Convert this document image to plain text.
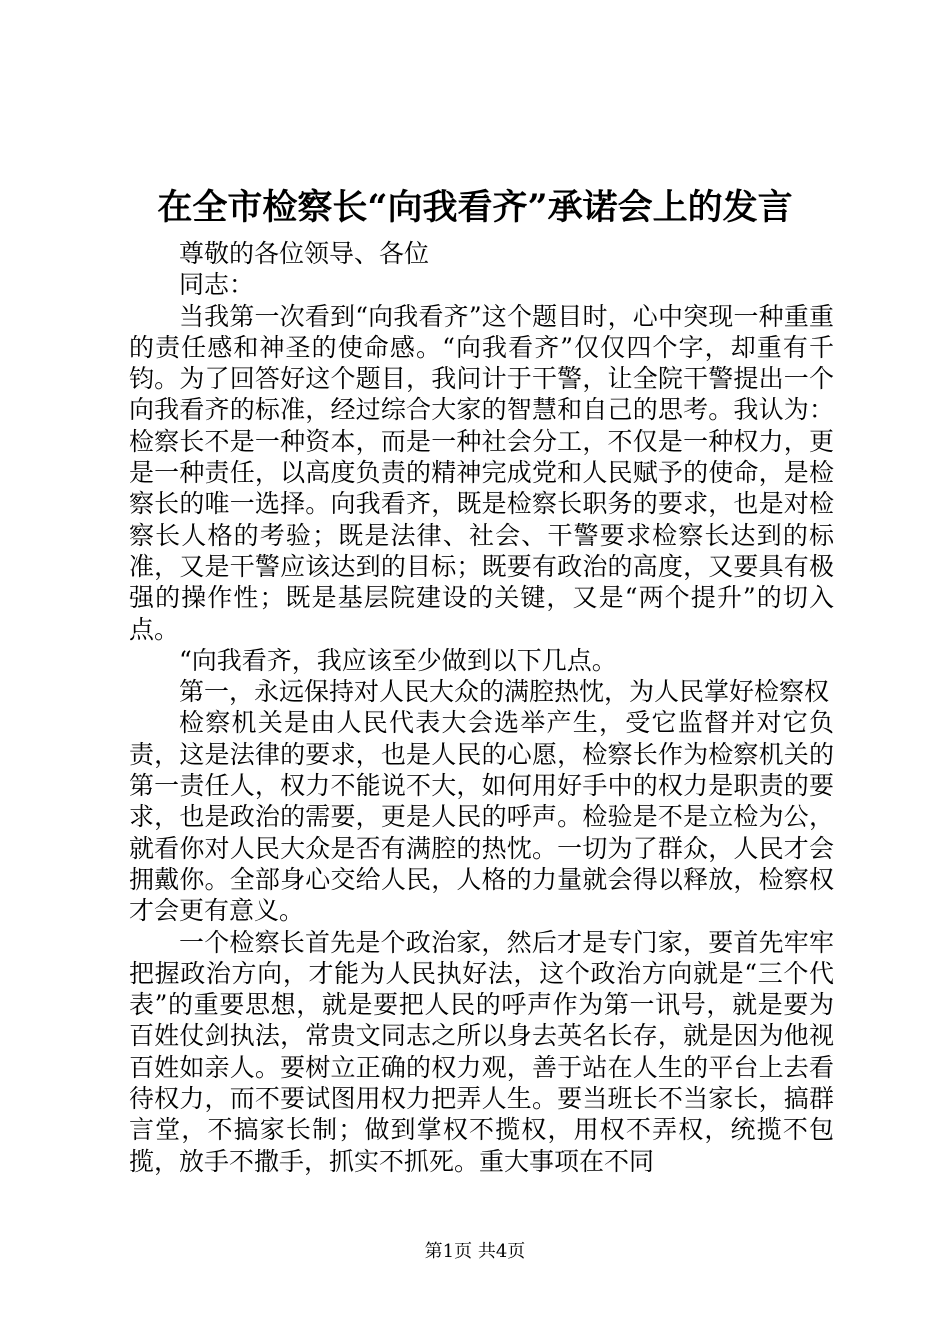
在全市检察长“向我看齐”承诺会上的发言

尊敬的各位领导、各位

同志：

当我第一次看到“向我看齐”这个题目时，心中突现一种重重的责任感和神圣的使命感。“向我看齐”仅仅四个字，却重有千钧。为了回答好这个题目，我问计于干警，让全院干警提出一个向我看齐的标准，经过综合大家的智慧和自己的思考。我认为：检察长不是一种资本，而是一种社会分工，不仅是一种权力，更是一种责任，以高度负责的精神完成党和人民赋予的使命，是检察长的唯一选择。向我看齐，既是检察长职务的要求，也是对检察长人格的考验；既是法律、社会、干警要求检察长达到的标准，又是干警应该达到的目标；既要有政治的高度，又要具有极强的操作性；既是基层院建设的关键，又是“两个提升”的切入点。

“向我看齐，我应该至少做到以下几点。

第一，永远保持对人民大众的满腔热忱，为人民掌好检察权

检察机关是由人民代表大会选举产生，受它监督并对它负责，这是法律的要求，也是人民的心愿，检察长作为检察机关的第一责任人，权力不能说不大，如何用好手中的权力是职责的要求，也是政治的需要，更是人民的呼声。检验是不是立检为公，就看你对人民大众是否有满腔的热忱。一切为了群众，人民才会拥戴你。全部身心交给人民，人格的力量就会得以释放，检察权才会更有意义。

一个检察长首先是个政治家，然后才是专门家，要首先牢牢把握政治方向，才能为人民执好法，这个政治方向就是“三个代表”的重要思想，就是要把人民的呼声作为第一讯号，就是要为百姓仗剑执法，常贵文同志之所以身去英名长存，就是因为他视百姓如亲人。要树立正确的权力观，善于站在人生的平台上去看待权力，而不要试图用权力把弄人生。要当班长不当家长，搞群言堂，不搞家长制；做到掌权不揽权，用权不弄权，统揽不包揽，放手不撒手，抓实不抓死。重大事项在不同

第1页 共4页
